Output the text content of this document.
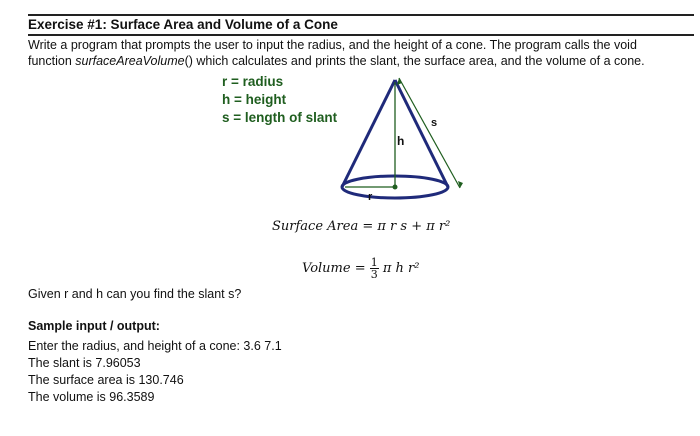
Exercise #1: Surface Area and Volume of a Cone
Write a program that prompts the user to input the radius, and the height of a cone. The program calls the void
function surfaceAreaVolume() which calculates and prints the slant, the surface area, and the volume of a cone.
r = radius
h = height
s = length of slant
h
s
r
Surface Area = π r s + π r²
Volume = $\frac{1}{3}$ π h r²
Given r and h can you find the slant s?
Sample input / output:
Enter the radius, and height of a cone: 3.6 7.1
The slant is 7.96053
The surface area is 130.746
The volume is 96.3589
